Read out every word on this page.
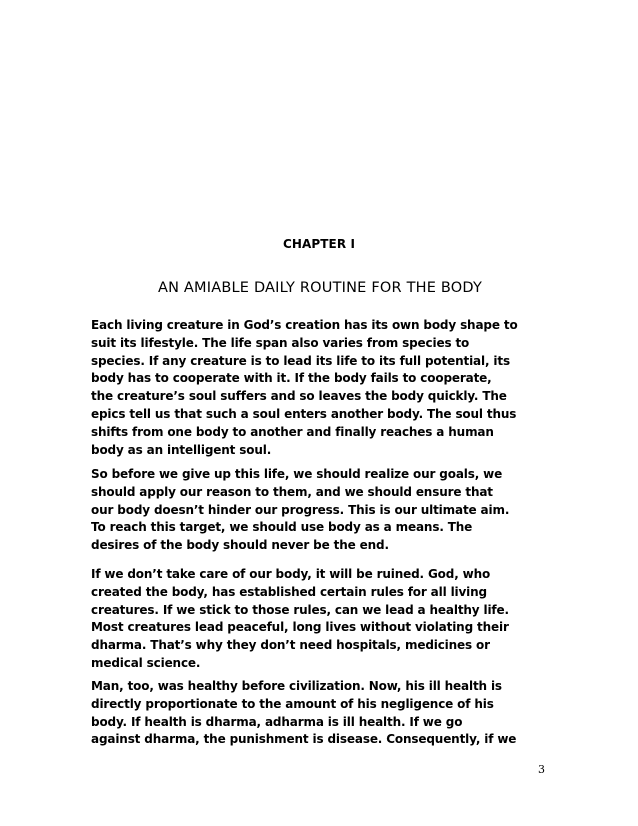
CHAPTER I
AN AMIABLE DAILY ROUTINE FOR THE BODY

Each living creature in God’s creation has its own body shape to
suit its lifestyle. The life span also varies from species to
species. If any creature is to lead its life to its full potential, its
body has to cooperate with it. If the body fails to cooperate,
the creature’s soul suffers and so leaves the body quickly. The
epics tell us that such a soul enters another body. The soul thus
shifts from one body to another and finally reaches a human
body as an intelligent soul.

So before we give up this life, we should realize our goals, we
should apply our reason to them, and we should ensure that
our body doesn’t hinder our progress. This is our ultimate aim.
To reach this target, we should use body as a means. The
desires of the body should never be the end.

If we don’t take care of our body, it will be ruined. God, who
created the body, has established certain rules for all living
creatures. If we stick to those rules, can we lead a healthy life.
Most creatures lead peaceful, long lives without violating their
dharma. That’s why they don’t need hospitals, medicines or
medical science.

Man, too, was healthy before civilization. Now, his ill health is
directly proportionate to the amount of his negligence of his
body. If health is dharma, adharma is ill health. If we go
against dharma, the punishment is disease. Consequently, if we

3
